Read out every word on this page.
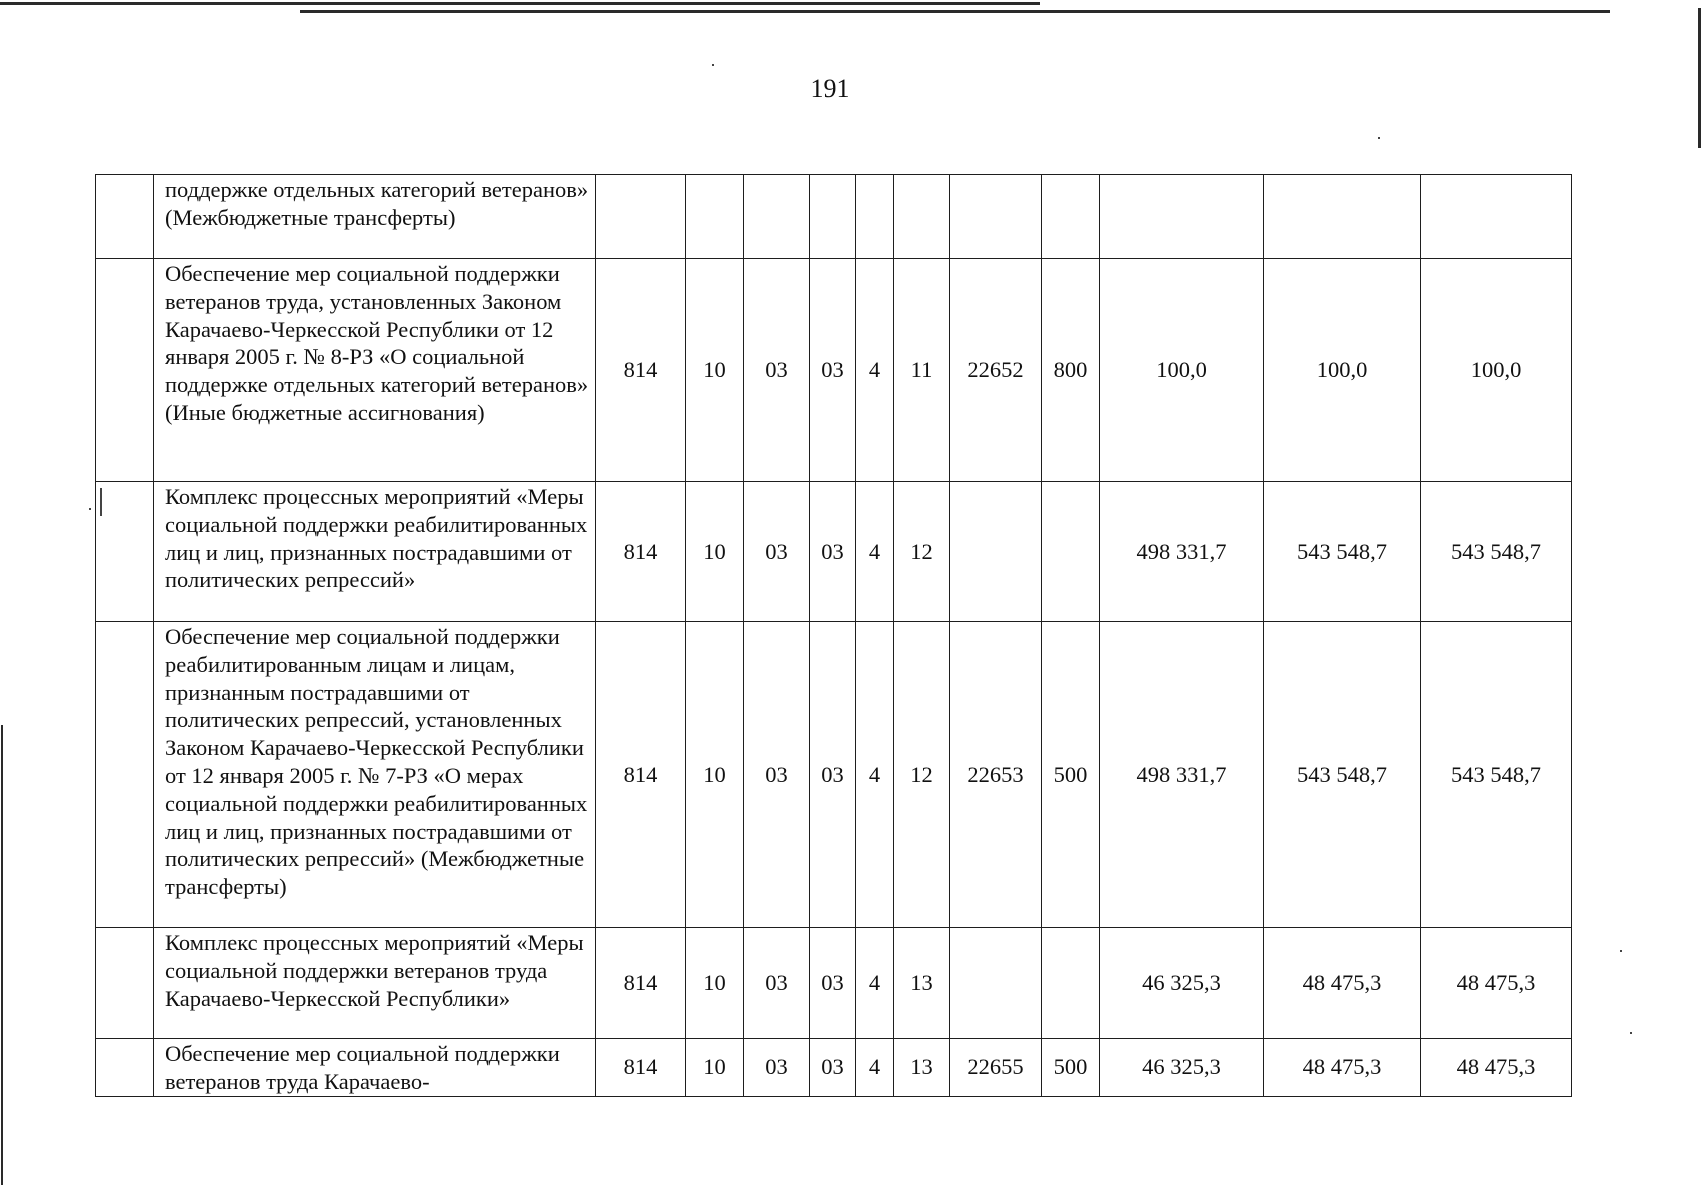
191
	поддержке отдельных категорий ветеранов» (Межбюджетные трансферты)											
	Обеспечение мер социальной поддержки ветеранов труда, установленных Законом Карачаево-Черкесской Республики от 12 января 2005 г. № 8-РЗ «О социальной поддержке отдельных категорий ветеранов» (Иные бюджетные ассигнования)	814	10	03	03	4	11	22652	800	100,0	100,0	100,0
	Комплекс процессных мероприятий «Меры социальной поддержки реабилитированных лиц и лиц, признанных пострадавшими от политических репрессий»	814	10	03	03	4	12			498 331,7	543 548,7	543 548,7
	Обеспечение мер социальной поддержки реабилитированным лицам и лицам, признанным пострадавшими от политических репрессий, установленных Законом Карачаево-Черкесской Республики от 12 января 2005 г. № 7-РЗ «О мерах социальной поддержки реабилитированных лиц и лиц, признанных пострадавшими от политических репрессий» (Межбюджетные трансферты)	814	10	03	03	4	12	22653	500	498 331,7	543 548,7	543 548,7
	Комплекс процессных мероприятий «Меры социальной поддержки ветеранов труда Карачаево-Черкесской Республики»	814	10	03	03	4	13			46 325,3	48 475,3	48 475,3
	Обеспечение мер социальной поддержки ветеранов труда Карачаево-	814	10	03	03	4	13	22655	500	46 325,3	48 475,3	48 475,3
